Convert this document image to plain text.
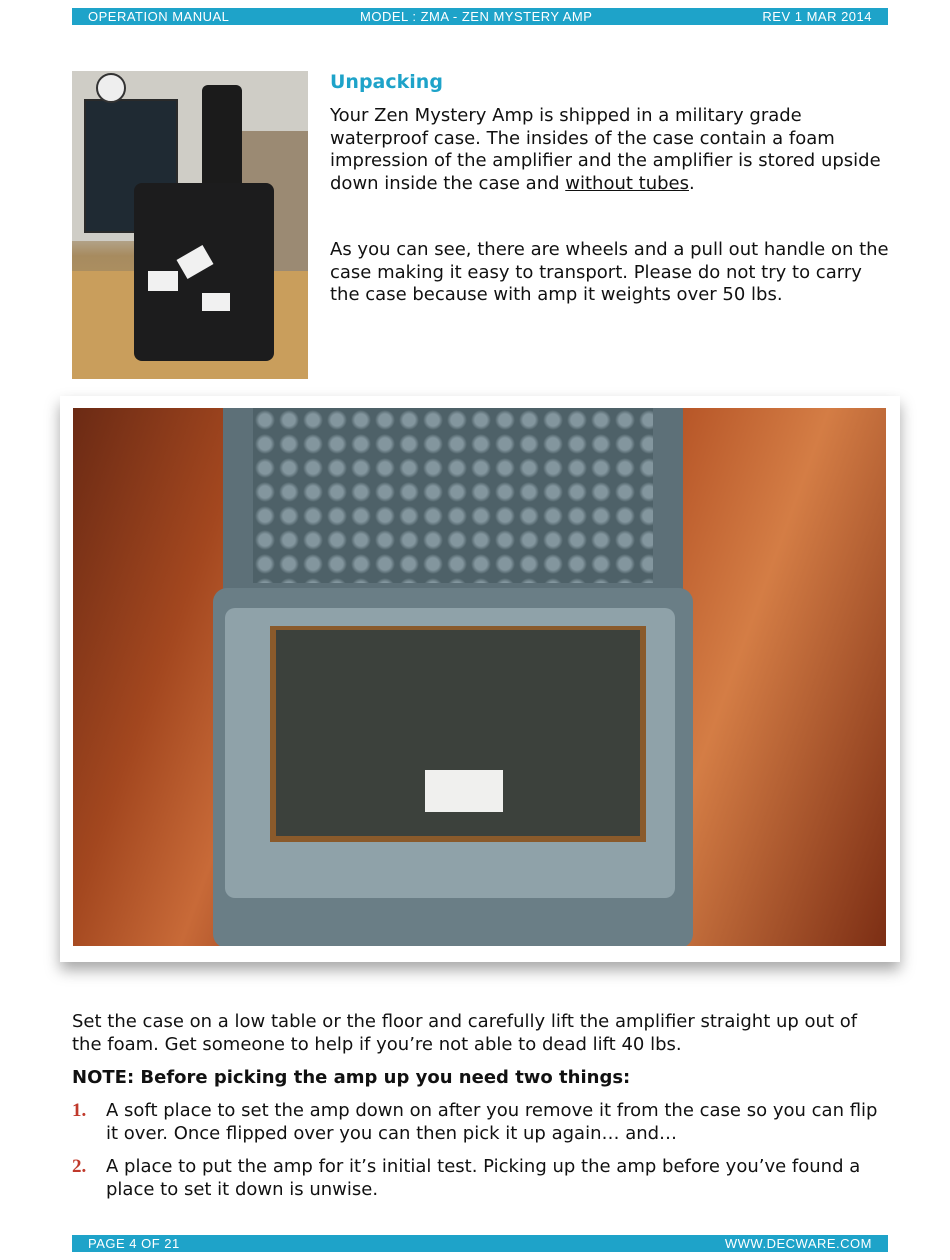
OPERATION MANUAL	MODEL : ZMA - ZEN MYSTERY AMP	REV 1 MAR 2014
Unpacking
Your Zen Mystery Amp is shipped in a military grade waterproof case. The insides of the case contain a foam impression of the amplifier and the amplifier is stored upside down inside the case and without tubes.
As you can see, there are wheels and a pull out handle on the case making it easy to transport. Please do not try to carry the case because with amp it weights over 50 lbs.
Set the case on a low table or the floor and carefully lift the amplifier straight up out of the foam. Get someone to help if you’re not able to dead lift 40 lbs.
NOTE: Before picking the amp up you need two things:
1. A soft place to set the amp down on after you remove it from the case so you can flip it over. Once flipped over you can then pick it up again… and…
2. A place to put the amp for it’s initial test. Picking up the amp before you’ve found a place to set it down is unwise.
PAGE 4 OF 21	WWW.DECWARE.COM
